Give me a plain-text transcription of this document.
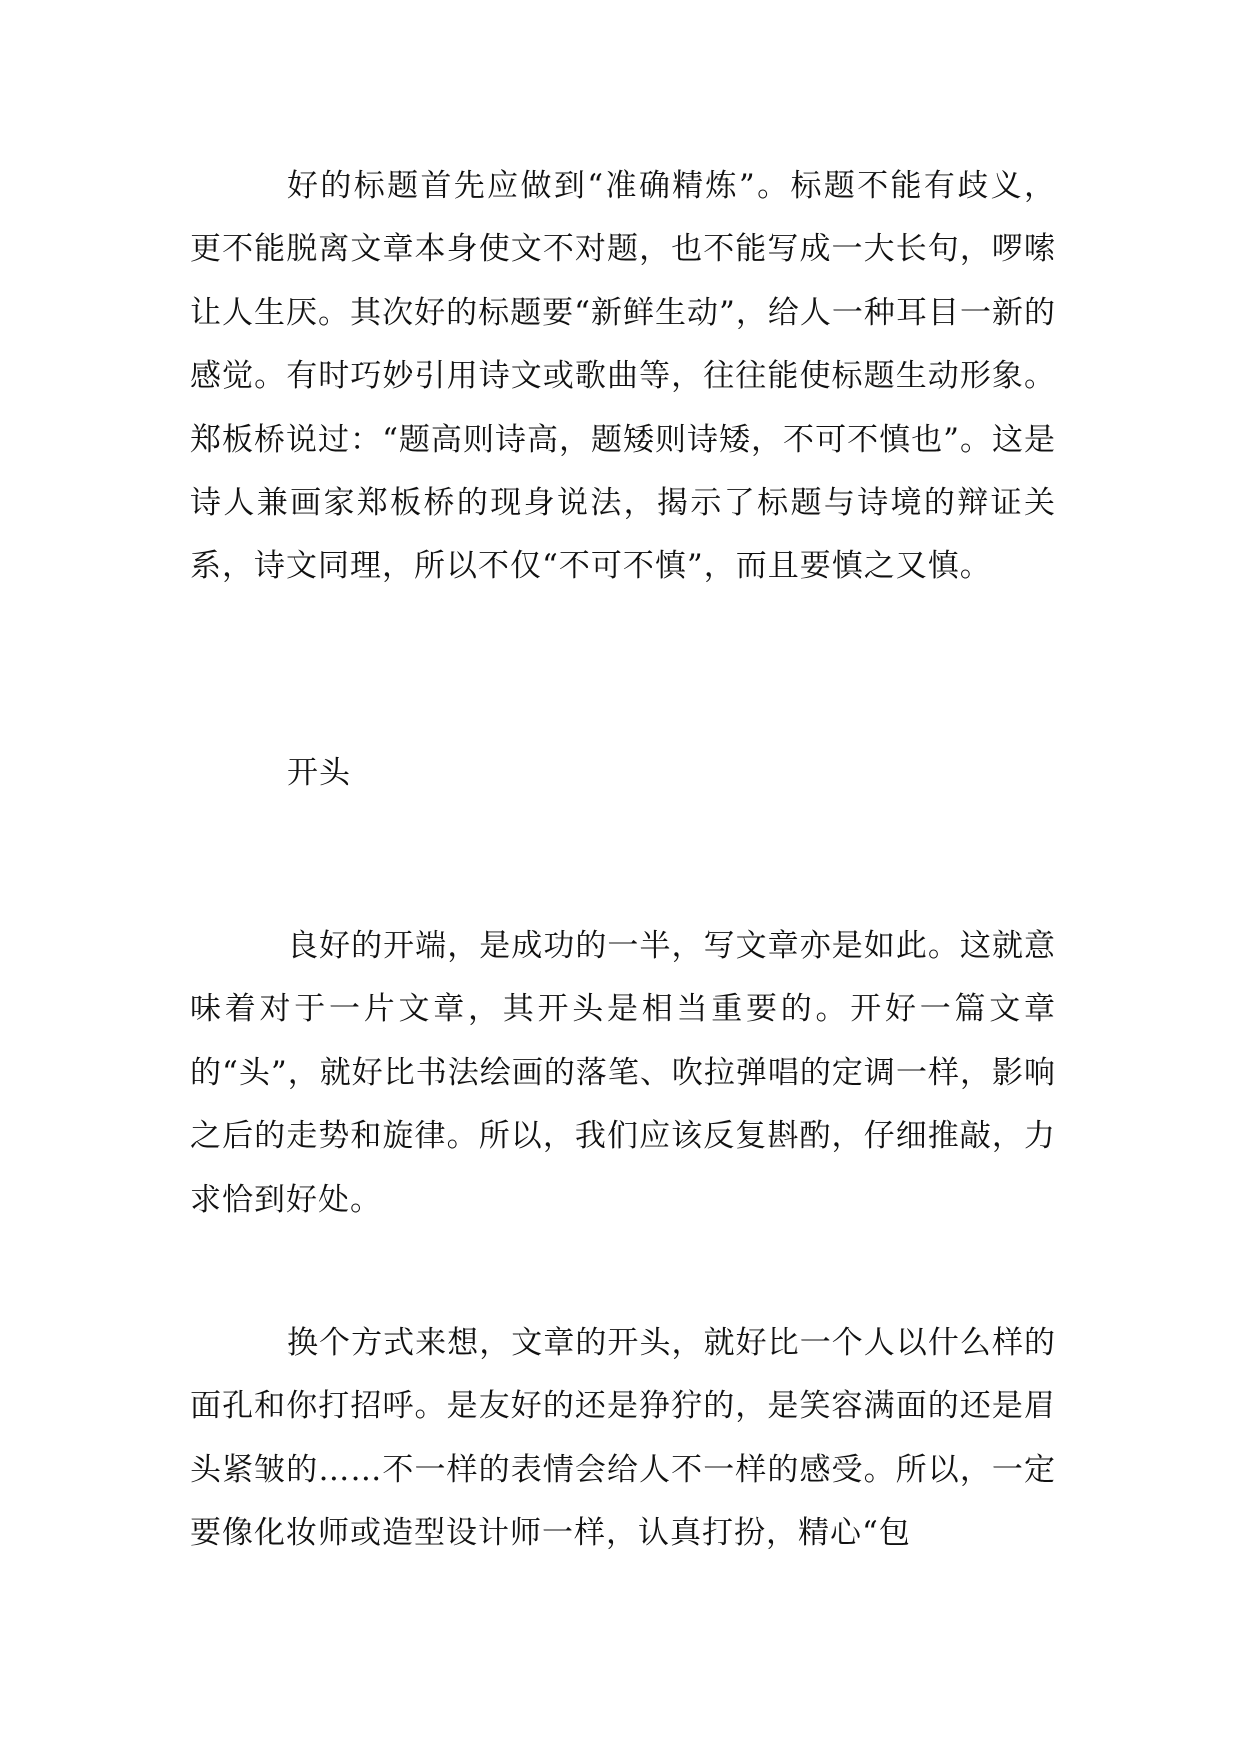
好的标题首先应做到“准确精炼”。标题不能有歧义，更不能脱离文章本身使文不对题，也不能写成一大长句，啰嗦让人生厌。其次好的标题要“新鲜生动”，给人一种耳目一新的感觉。有时巧妙引用诗文或歌曲等，往往能使标题生动形象。郑板桥说过：“题高则诗高，题矮则诗矮，不可不慎也”。这是诗人兼画家郑板桥的现身说法，揭示了标题与诗境的辩证关系，诗文同理，所以不仅“不可不慎”，而且要慎之又慎。

开头

良好的开端，是成功的一半，写文章亦是如此。这就意味着对于一片文章，其开头是相当重要的。开好一篇文章的“头”，就好比书法绘画的落笔、吹拉弹唱的定调一样，影响之后的走势和旋律。所以，我们应该反复斟酌，仔细推敲，力求恰到好处。

换个方式来想，文章的开头，就好比一个人以什么样的面孔和你打招呼。是友好的还是狰狞的，是笑容满面的还是眉头紧皱的……不一样的表情会给人不一样的感受。所以，一定要像化妆师或造型设计师一样，认真打扮，精心“包
